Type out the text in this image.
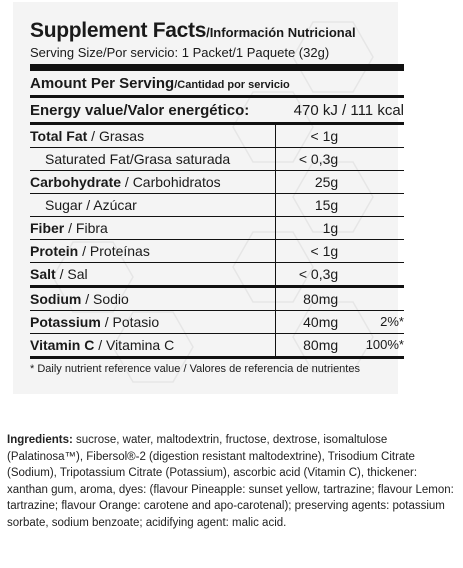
Supplement Facts/Información Nutricional
Serving Size/Por servicio: 1 Packet/1 Paquete (32g)
Amount Per Serving/Cantidad por servicio
Energy value/Valor energético:	470 kJ / 111 kcal
Total Fat / Grasas	< 1g
Saturated Fat/Grasa saturada	< 0,3g
Carbohydrate / Carbohidratos	25g
Sugar / Azúcar	15g
Fiber / Fibra	1g
Protein / Proteínas	< 1g
Salt / Sal	< 0,3g
Sodium / Sodio	80mg
Potassium / Potasio	40mg	2%*
Vitamin C / Vitamina C	80mg	100%*
* Daily nutrient reference value / Valores de referencia de nutrientes
Ingredients: sucrose, water, maltodextrin, fructose, dextrose, isomaltulose (Palatinosa™), Fibersol®-2 (digestion resistant maltodextrine), Trisodium Citrate (Sodium), Tripotassium Citrate (Potassium), ascorbic acid (Vitamin C), thickener: xanthan gum, aroma, dyes: (flavour Pineapple: sunset yellow, tartrazine; flavour Lemon: tartrazine; flavour Orange: carotene and apo-carotenal); preserving agents: potassium sorbate, sodium benzoate; acidifying agent: malic acid.
